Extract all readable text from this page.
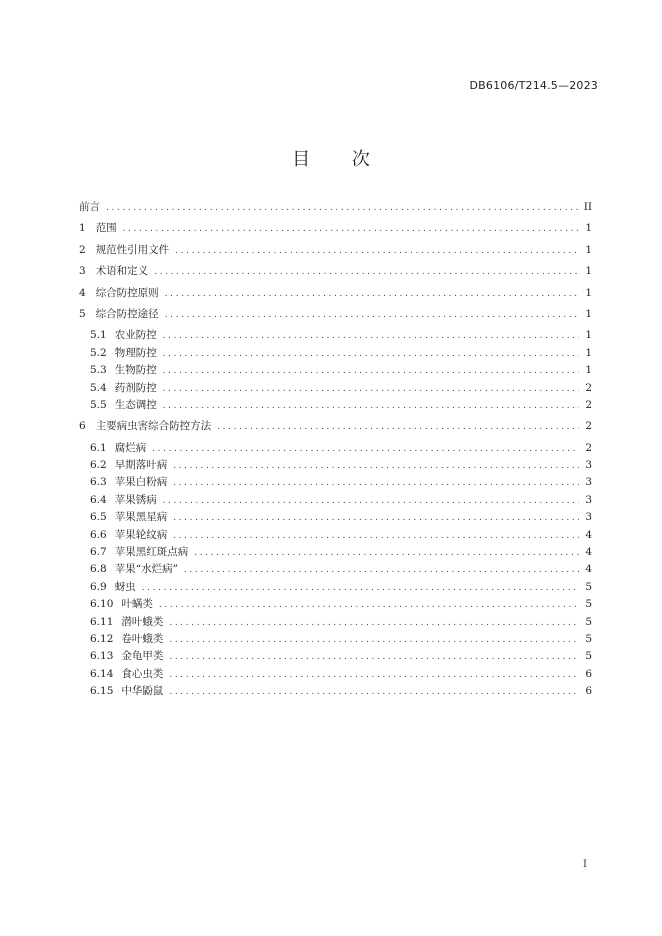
DB6106/T214.5—2023
目 次
前言 .....	II
1 范围 .....	1
2 规范性引用文件 .....	1
3 术语和定义 .....	1
4 综合防控原则 .....	1
5 综合防控途径 .....	1
5.1 农业防控 .....	1
5.2 物理防控 .....	1
5.3 生物防控 .....	1
5.4 药剂防控 .....	2
5.5 生态调控 .....	2
6 主要病虫害综合防控方法 .....	2
6.1 腐烂病 .....	2
6.2 早期落叶病 .....	3
6.3 苹果白粉病 .....	3
6.4 苹果锈病 .....	3
6.5 苹果黑星病 .....	3
6.6 苹果轮纹病 .....	4
6.7 苹果黑红斑点病 .....	4
6.8 苹果“水烂病” .....	4
6.9 蚜虫 .....	5
6.10 叶螨类 .....	5
6.11 潜叶蛾类 .....	5
6.12 卷叶蛾类 .....	5
6.13 金龟甲类 .....	5
6.14 食心虫类 .....	6
6.15 中华鼢鼠 .....	6
I
